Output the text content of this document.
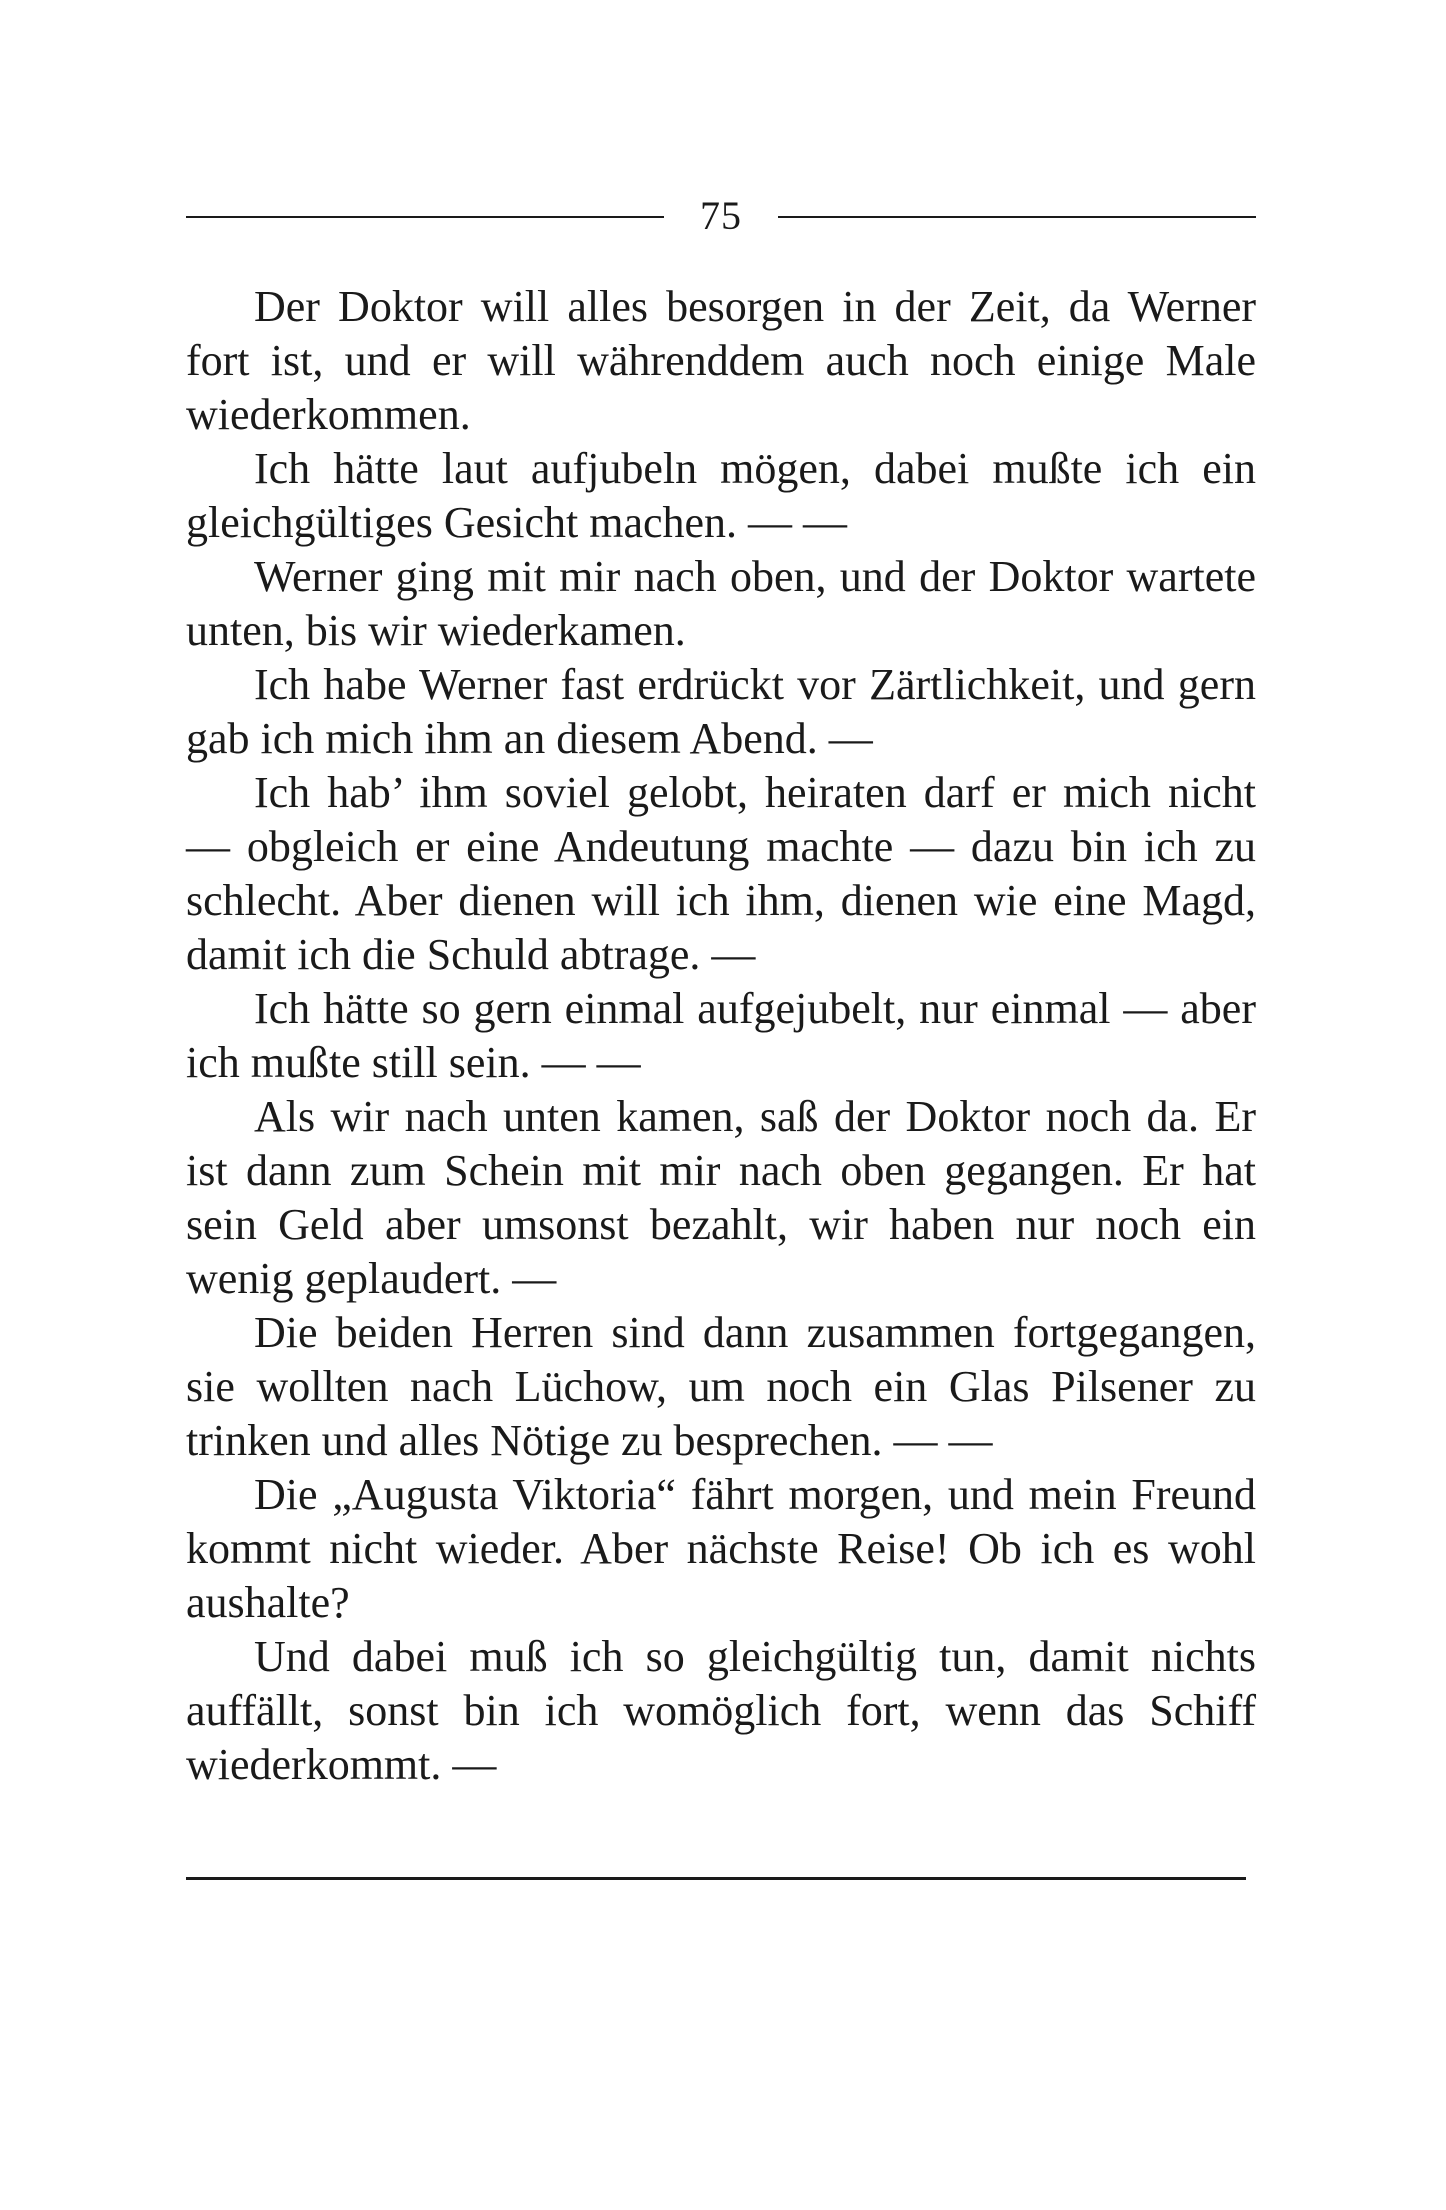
75

Der Doktor will alles besorgen in der Zeit, da Werner fort ist, und er will währenddem auch noch einige Male wiederkommen.

Ich hätte laut aufjubeln mögen, dabei mußte ich ein gleichgültiges Gesicht machen. — —

Werner ging mit mir nach oben, und der Doktor wartete unten, bis wir wiederkamen.

Ich habe Werner fast erdrückt vor Zärtlichkeit, und gern gab ich mich ihm an diesem Abend. —

Ich hab’ ihm soviel gelobt, heiraten darf er mich nicht — obgleich er eine Andeutung machte — dazu bin ich zu schlecht. Aber dienen will ich ihm, dienen wie eine Magd, damit ich die Schuld abtrage. —

Ich hätte so gern einmal aufgejubelt, nur einmal — aber ich mußte still sein. — —

Als wir nach unten kamen, saß der Doktor noch da. Er ist dann zum Schein mit mir nach oben gegangen. Er hat sein Geld aber umsonst bezahlt, wir haben nur noch ein wenig geplaudert. —

Die beiden Herren sind dann zusammen fortgegangen, sie wollten nach Lüchow, um noch ein Glas Pilsener zu trinken und alles Nötige zu besprechen. — —

Die „Augusta Viktoria“ fährt morgen, und mein Freund kommt nicht wieder. Aber nächste Reise! Ob ich es wohl aushalte?

Und dabei muß ich so gleichgültig tun, damit nichts auffällt, sonst bin ich womöglich fort, wenn das Schiff wiederkommt. —
